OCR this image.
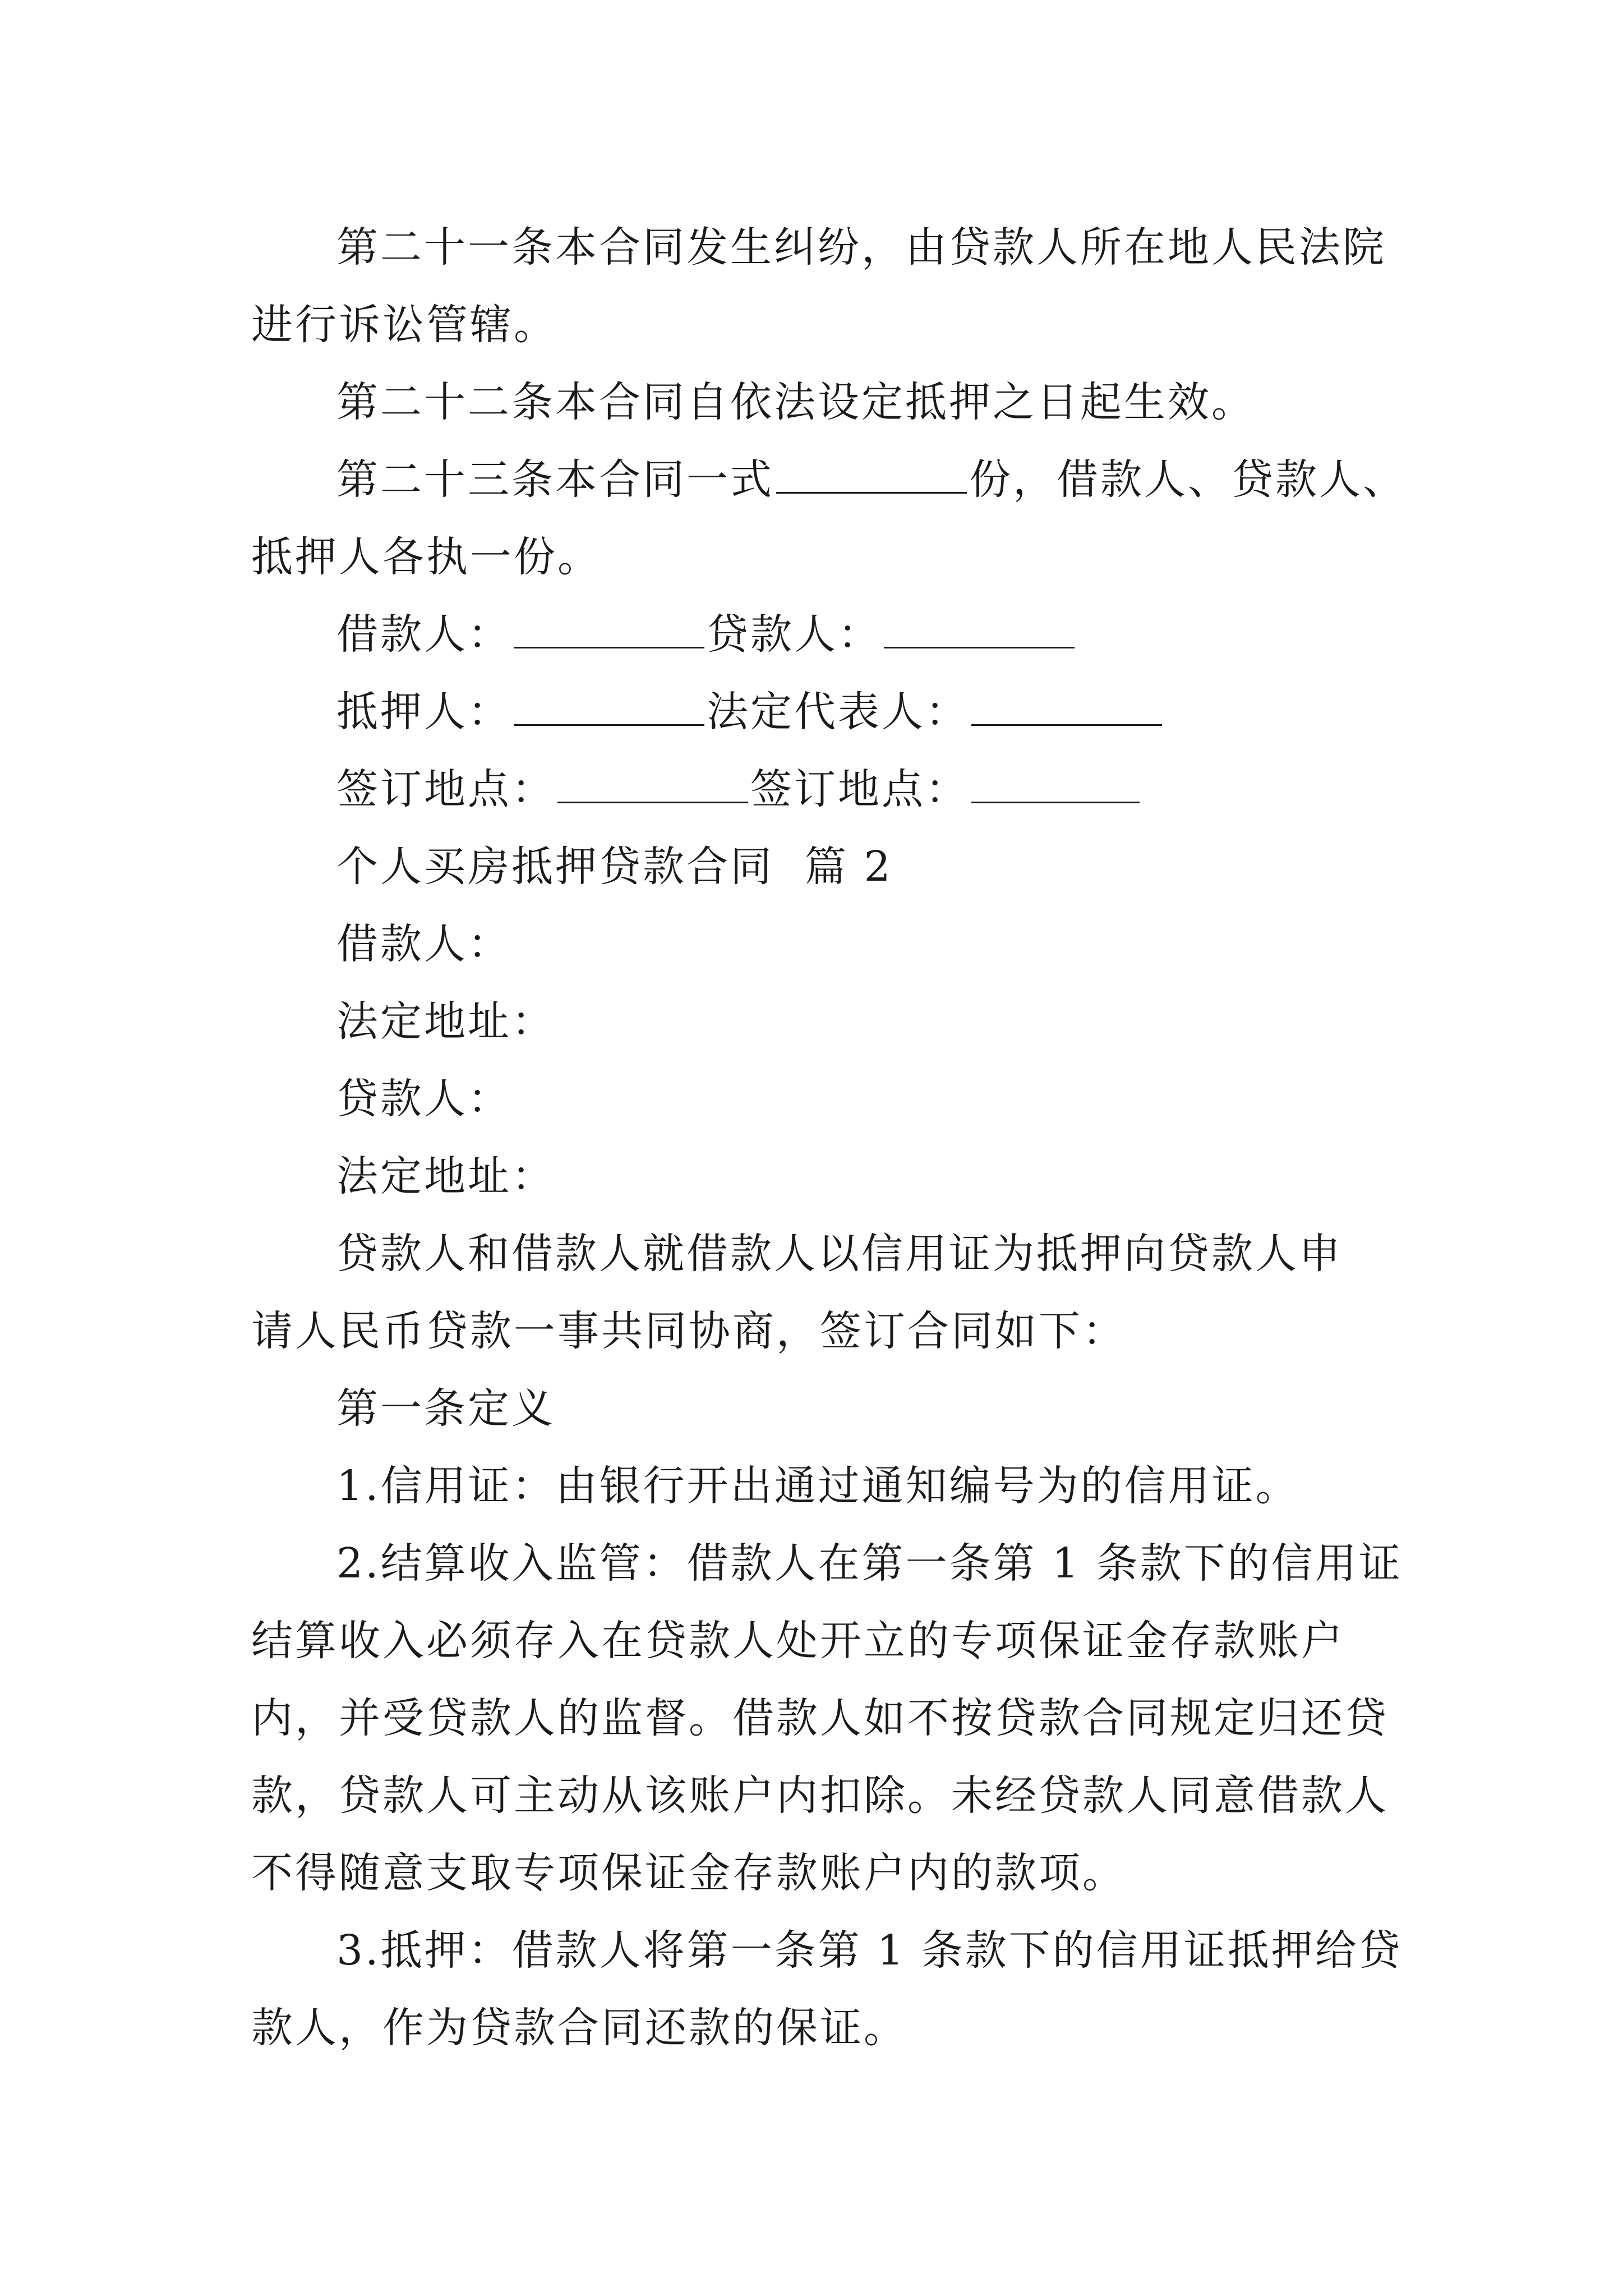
第二十一条本合同发生纠纷，由贷款人所在地人民法院
进行诉讼管辖。
第二十二条本合同自依法设定抵押之日起生效。
第二十三条本合同一式	份，借款人、贷款人、
抵押人各执一份。
借款人：	贷款人：
抵押人：	法定代表人：
签订地点：	签订地点：
个人买房抵押贷款合同  篇 2
借款人：
法定地址：
贷款人：
法定地址：
贷款人和借款人就借款人以信用证为抵押向贷款人申
请人民币贷款一事共同协商，签订合同如下：
第一条定义
1.信用证：由银行开出通过通知编号为的信用证。
2.结算收入监管：借款人在第一条第 1 条款下的信用证
结算收入必须存入在贷款人处开立的专项保证金存款账户
内，并受贷款人的监督。借款人如不按贷款合同规定归还贷
款，贷款人可主动从该账户内扣除。未经贷款人同意借款人
不得随意支取专项保证金存款账户内的款项。
3.抵押：借款人将第一条第 1 条款下的信用证抵押给贷
款人，作为贷款合同还款的保证。
